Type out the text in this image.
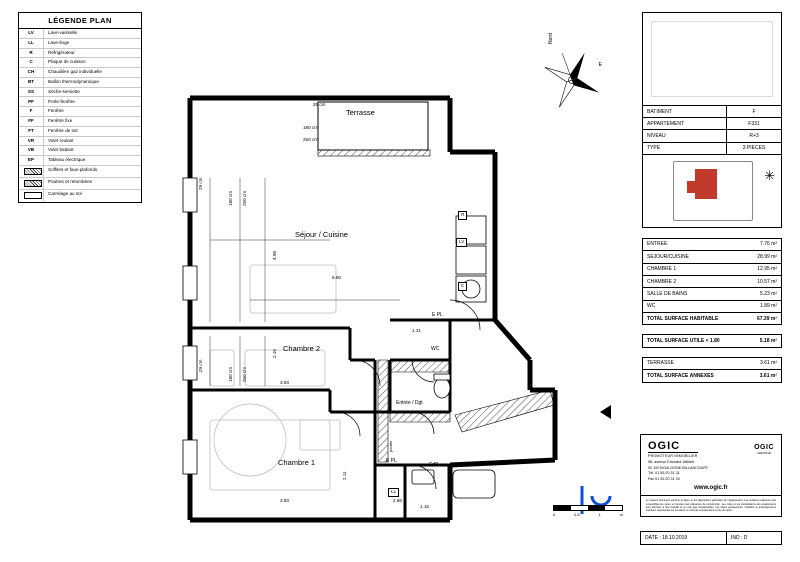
LÉGENDE PLAN
LV	Lave-vaisselle
LL	Lave-linge
R	Réfrigérateur
C	Plaque de cuisson
CH	Chaudière gaz individuelle
BT	Ballon thermodynamique
SS	Sèche-serviette
PF	Porte-fenêtre
F	Fenêtre
FF	Fenêtre fixe
FT	Fenêtre de toit
VR	Volet roulant
VB	Volet battant
EP	Tableau électrique
Soffites et faux-plafonds
Poutres et retombées
Carrelage au sol
BATIMENT	F
APPARTEMENT	F331
NIVEAU	R+3
TYPE	3 PIECES
✳
ENTREE	7.76 m²
SEJOUR/CUISINE	28.99 m²
CHAMBRE 1	12.95 m²
CHAMBRE 2	10.57 m²
SALLE DE BAINS	5.23 m²
WC	1.89 m²
TOTAL SURFACE HABITABLE	67.39 m²
TOTAL SURFACE UTILE < 1.80	5.18 m²
TERRASSE	3.61 m²
TOTAL SURFACE ANNEXES	3.61 m²
OGIC
PROMOTEUR IMMOBILIER
OGIC
CERTIFIÉ
58, avenue Edouard Vaillant
92 100 BOULOGNE-BILLANCOURT
Tél. 01 55 20 31 31
Fax 01 55 20 31 30
www.ogic.fr
Le présent document exprime la figure et les dispositions générales de l'appartement. Les surfaces indiquées sont susceptibles de varier en fonction des tolérances de construction. Les cotes et les implantations des équipements sont données à titre indicatif et ne sont pas contractuelles. Les divers équipements, mobiliers et aménagements intérieurs représentés sur les plans ne sont pas compris dans le prix de vente.
DATE : 18.10.2019	IND : D
Nord
E
Séjour / Cuisine
Terrasse
Chambre 2
Chambre 1
Entrée / Dgt
SdB
WC
poutre
R
LV
C
LL
E PL
E PL
29 cm
180 cm
250 cm
29 cm
180 cm 250 cm
29 cm
180 cm 250 cm
6.60
4.98
3.93
2.15
3.93
2.11
1.15
2.86
1.31
0	0.5	1	m
